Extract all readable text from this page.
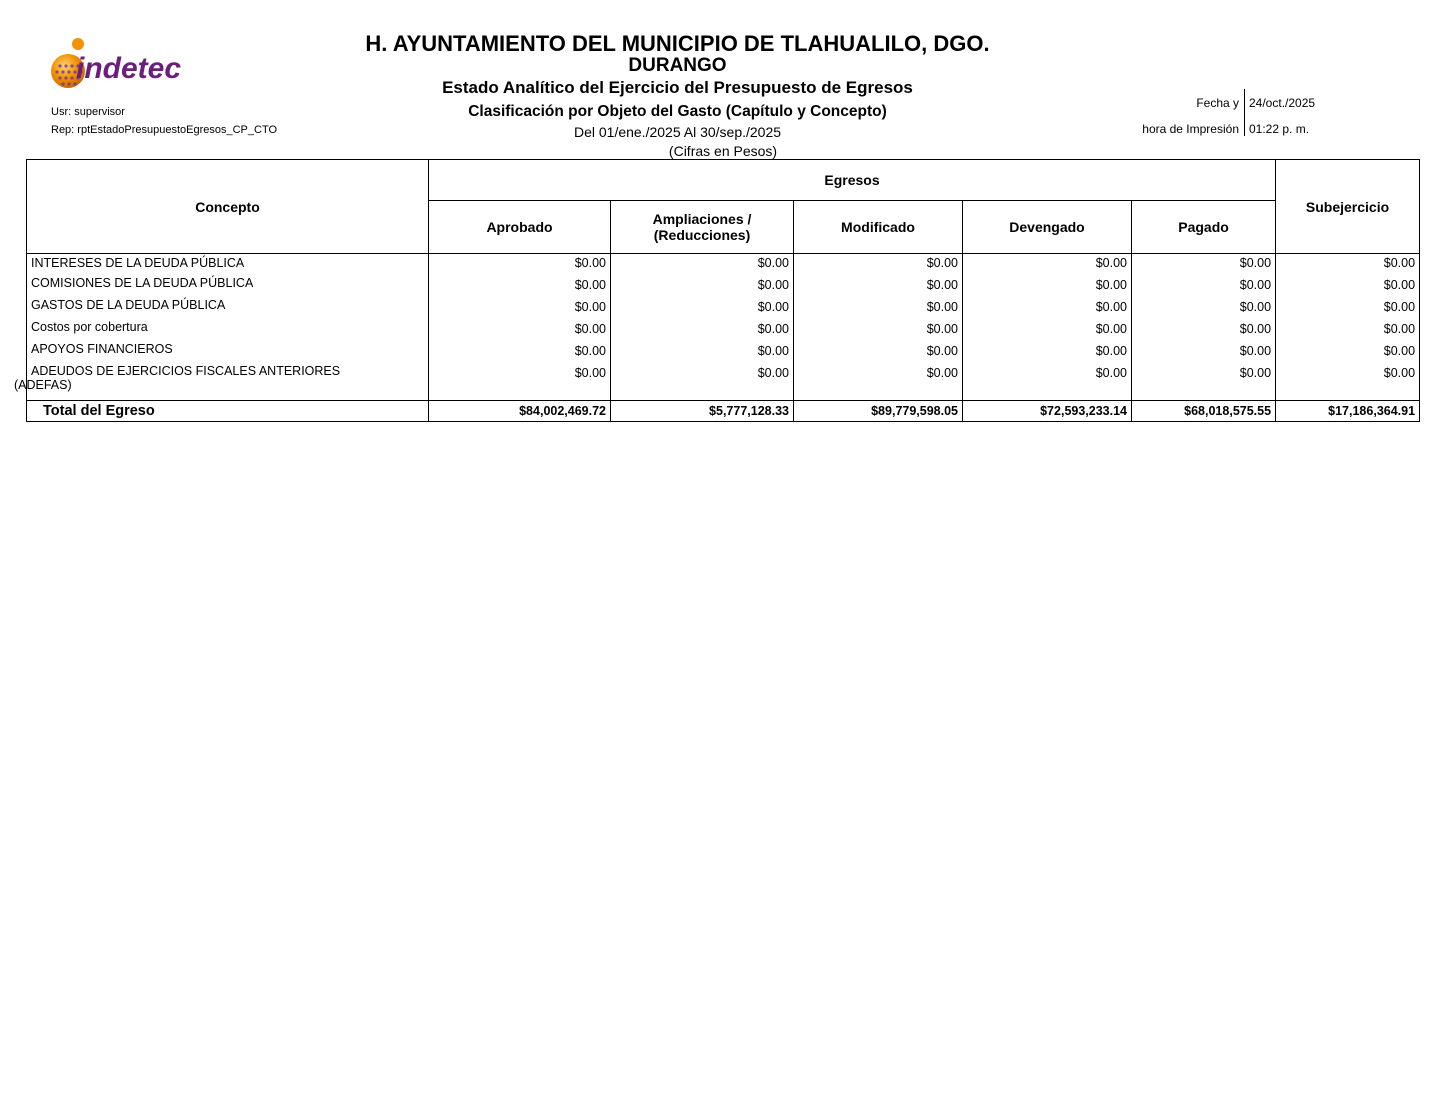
indetec
Usr: supervisor
Rep: rptEstadoPresupuestoEgresos_CP_CTO
H. AYUNTAMIENTO DEL MUNICIPIO DE TLAHUALILO, DGO.
DURANGO
Estado Analítico del Ejercicio del Presupuesto de Egresos
Clasificación por Objeto del Gasto (Capítulo y Concepto)
Del 01/ene./2025 Al 30/sep./2025
(Cifras en Pesos)
Fecha y 24/oct./2025
hora de Impresión 01:22 p. m.
Concepto	Egresos					Subejercicio
	Aprobado	Ampliaciones /
(Reducciones)	Modificado	Devengado	Pagado	
INTERESES DE LA DEUDA PÚBLICA	$0.00	$0.00	$0.00	$0.00	$0.00	$0.00
COMISIONES DE LA DEUDA PÚBLICA	$0.00	$0.00	$0.00	$0.00	$0.00	$0.00
GASTOS DE LA DEUDA PÚBLICA	$0.00	$0.00	$0.00	$0.00	$0.00	$0.00
Costos por cobertura	$0.00	$0.00	$0.00	$0.00	$0.00	$0.00
APOYOS FINANCIEROS	$0.00	$0.00	$0.00	$0.00	$0.00	$0.00
ADEUDOS DE EJERCICIOS FISCALES ANTERIORES
(ADEFAS)	$0.00	$0.00	$0.00	$0.00	$0.00	$0.00
Total del Egreso	$84,002,469.72	$5,777,128.33	$89,779,598.05	$72,593,233.14	$68,018,575.55	$17,186,364.91
